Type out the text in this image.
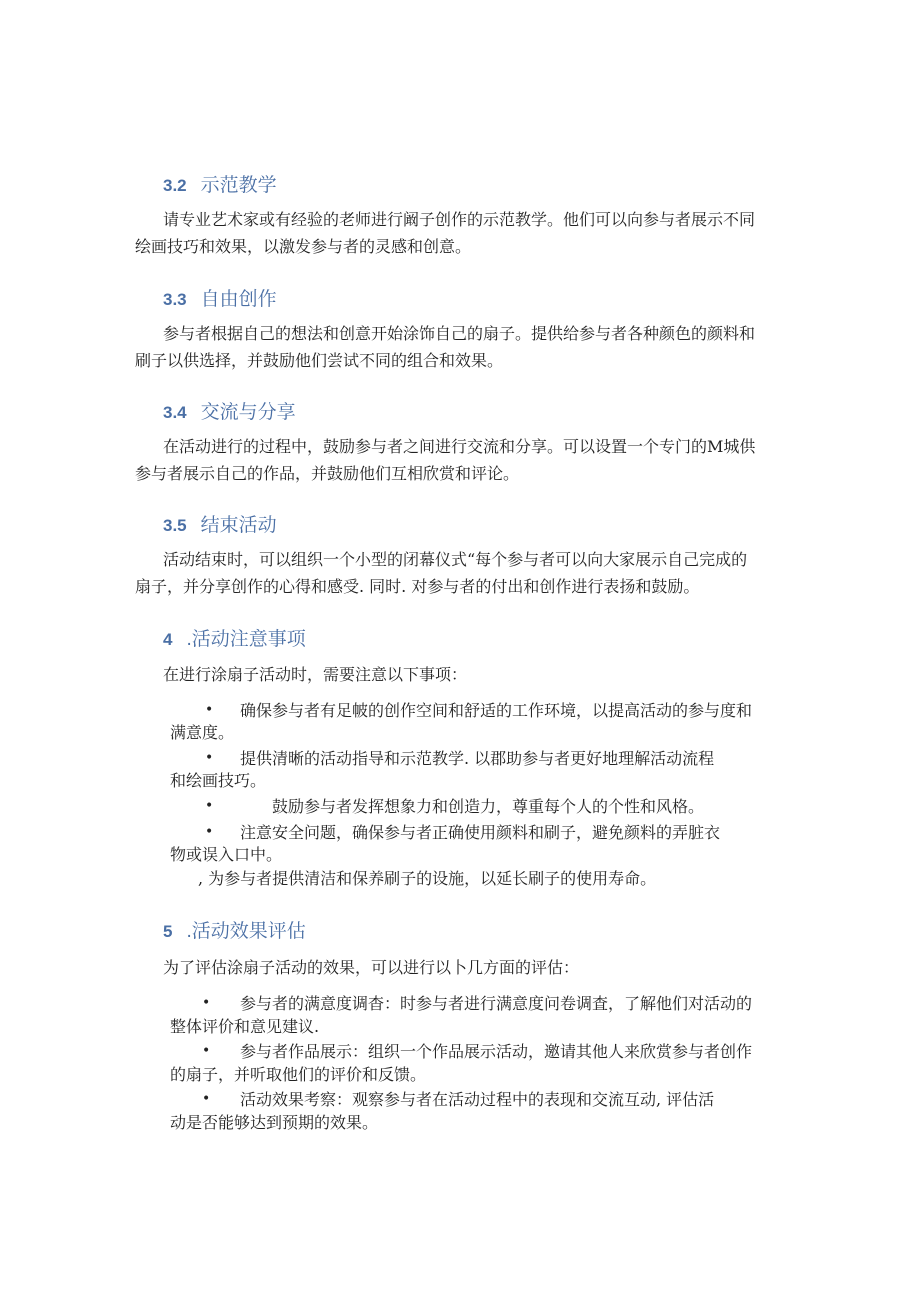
3.2 示范教学
请专业艺术家或有经验的老师进行阚子创作的示范教学。他们可以向参与者展示不同
绘画技巧和效果，以激发参与者的灵感和创意。
3.3 自由创作
参与者根据自己的想法和创意开始涂饰自己的扇子。提供给参与者各种颜色的颜料和
刷子以供选择，并鼓励他们尝试不同的组合和效果。
3.4 交流与分享
在活动进行的过程中，鼓励参与者之间进行交流和分享。可以设置一个专门的M城供
参与者展示自己的作品，并鼓励他们互相欣赏和评论。
3.5 结束活动
活动结束时，可以组织一个小型的闭幕仪式“每个参与者可以向大家展示自己完成的
扇子，并分享创作的心得和感受. 同时. 对参与者的付出和创作进行表扬和鼓励。
4 .活动注意事项
在进行涂扇子活动时，需要注意以下事项：
• 确保参与者有足帔的创作空间和舒适的工作环境，以提高活动的参与度和
满意度。
• 提供清晰的活动指导和示范教学. 以郡助参与者更好地理解活动流程
和绘画技巧。
•	鼓励参与者发挥想象力和创造力，尊重每个人的个性和风格。
• 注意安全问题，确保参与者正确使用颜料和刷子，避免颜料的弄脏衣
物或误入口中。
, 为参与者提供清洁和保养刷子的设施，以延长刷子的使用寿命。
5 .活动效果评估
为了评估涂扇子活动的效果，可以进行以卜几方面的评估：
• 参与者的满意度调杳：时参与者进行满意度问卷调査，了解他们对活动的
整体评价和意见建议.
• 参与者作品展示：组织一个作品展示活动，邀请其他人来欣赏参与者创作
的扇子，并听取他们的评价和反馈。
• 活动效果考察：观察参与者在活动过程中的表现和交流互动, 评估活
动是否能够达到预期的效果。
